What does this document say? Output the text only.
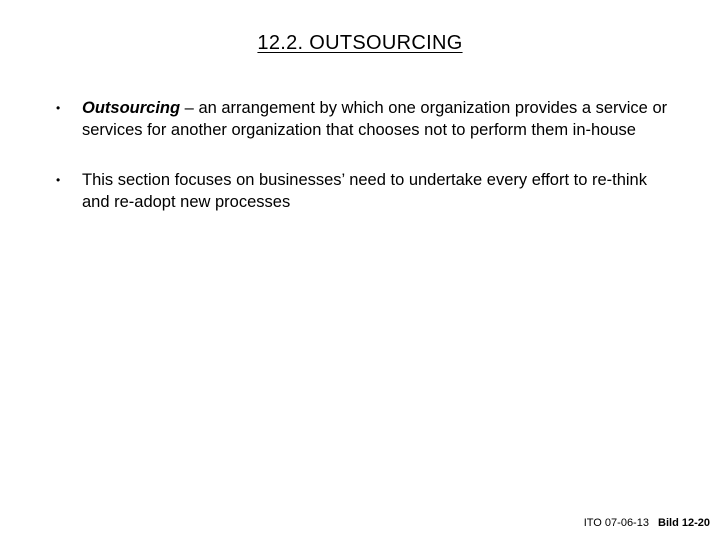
12.2. OUTSOURCING
• Outsourcing – an arrangement by which one organization provides a service or services for another organization that chooses not to perform them in-house
• This section focuses on businesses’ need to undertake every effort to re-think and re-adopt new processes
ITO 07-06-13 Bild 12-20
